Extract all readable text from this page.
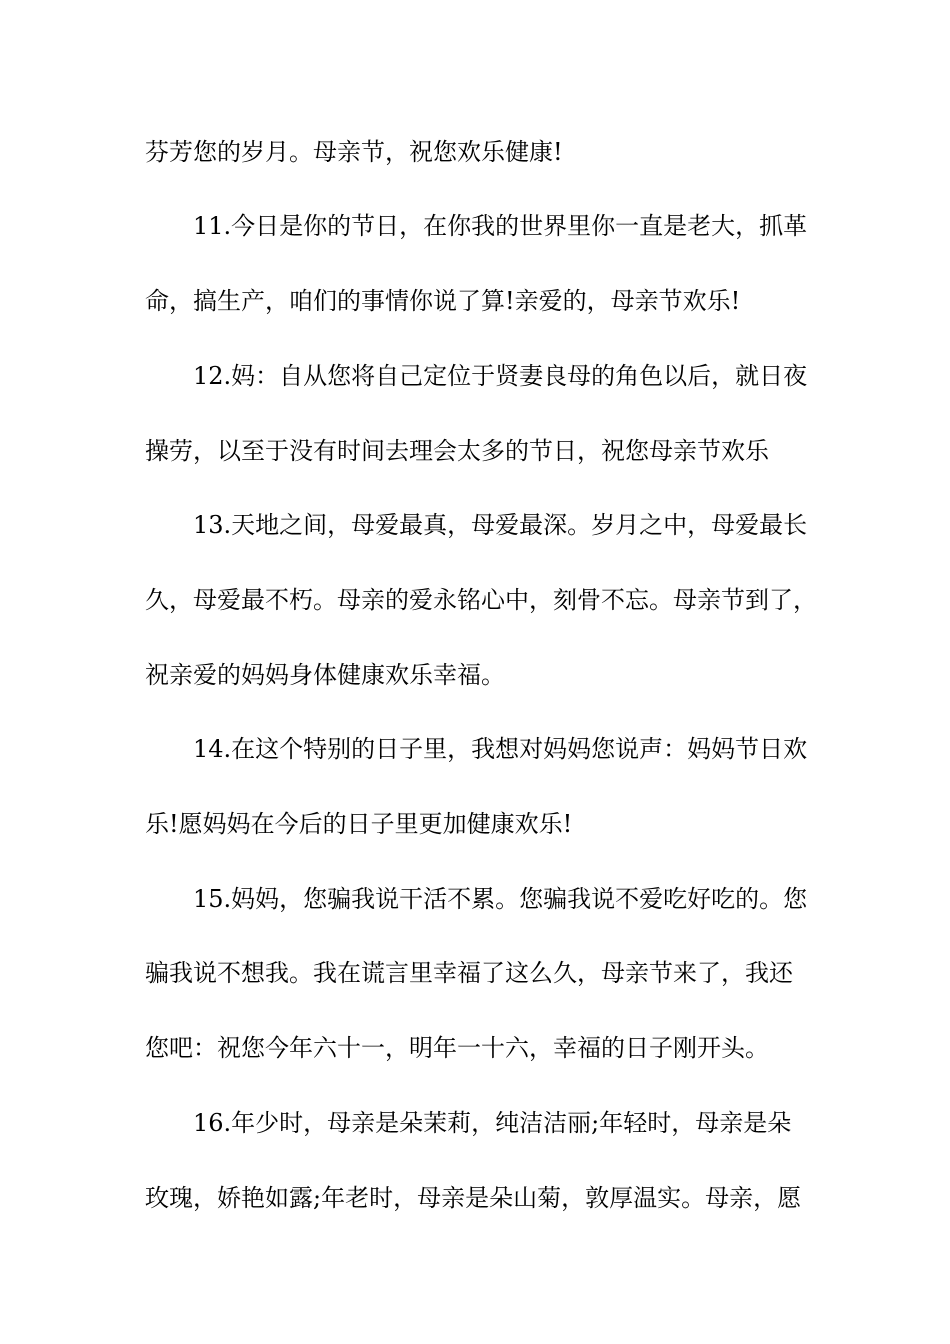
芬芳您的岁月。母亲节，祝您欢乐健康!
11.今日是你的节日，在你我的世界里你一直是老大，抓革
命，搞生产，咱们的事情你说了算!亲爱的，母亲节欢乐!
12.妈：自从您将自己定位于贤妻良母的角色以后，就日夜
操劳，以至于没有时间去理会太多的节日，祝您母亲节欢乐
13.天地之间，母爱最真，母爱最深。岁月之中，母爱最长
久，母爱最不朽。母亲的爱永铭心中，刻骨不忘。母亲节到了，
祝亲爱的妈妈身体健康欢乐幸福。
14.在这个特别的日子里，我想对妈妈您说声：妈妈节日欢
乐!愿妈妈在今后的日子里更加健康欢乐!
15.妈妈，您骗我说干活不累。您骗我说不爱吃好吃的。您
骗我说不想我。我在谎言里幸福了这么久，母亲节来了，我还
您吧：祝您今年六十一，明年一十六，幸福的日子刚开头。
16.年少时，母亲是朵茉莉，纯洁洁丽;年轻时，母亲是朵
玫瑰，娇艳如露;年老时，母亲是朵山菊，敦厚温实。母亲，愿
